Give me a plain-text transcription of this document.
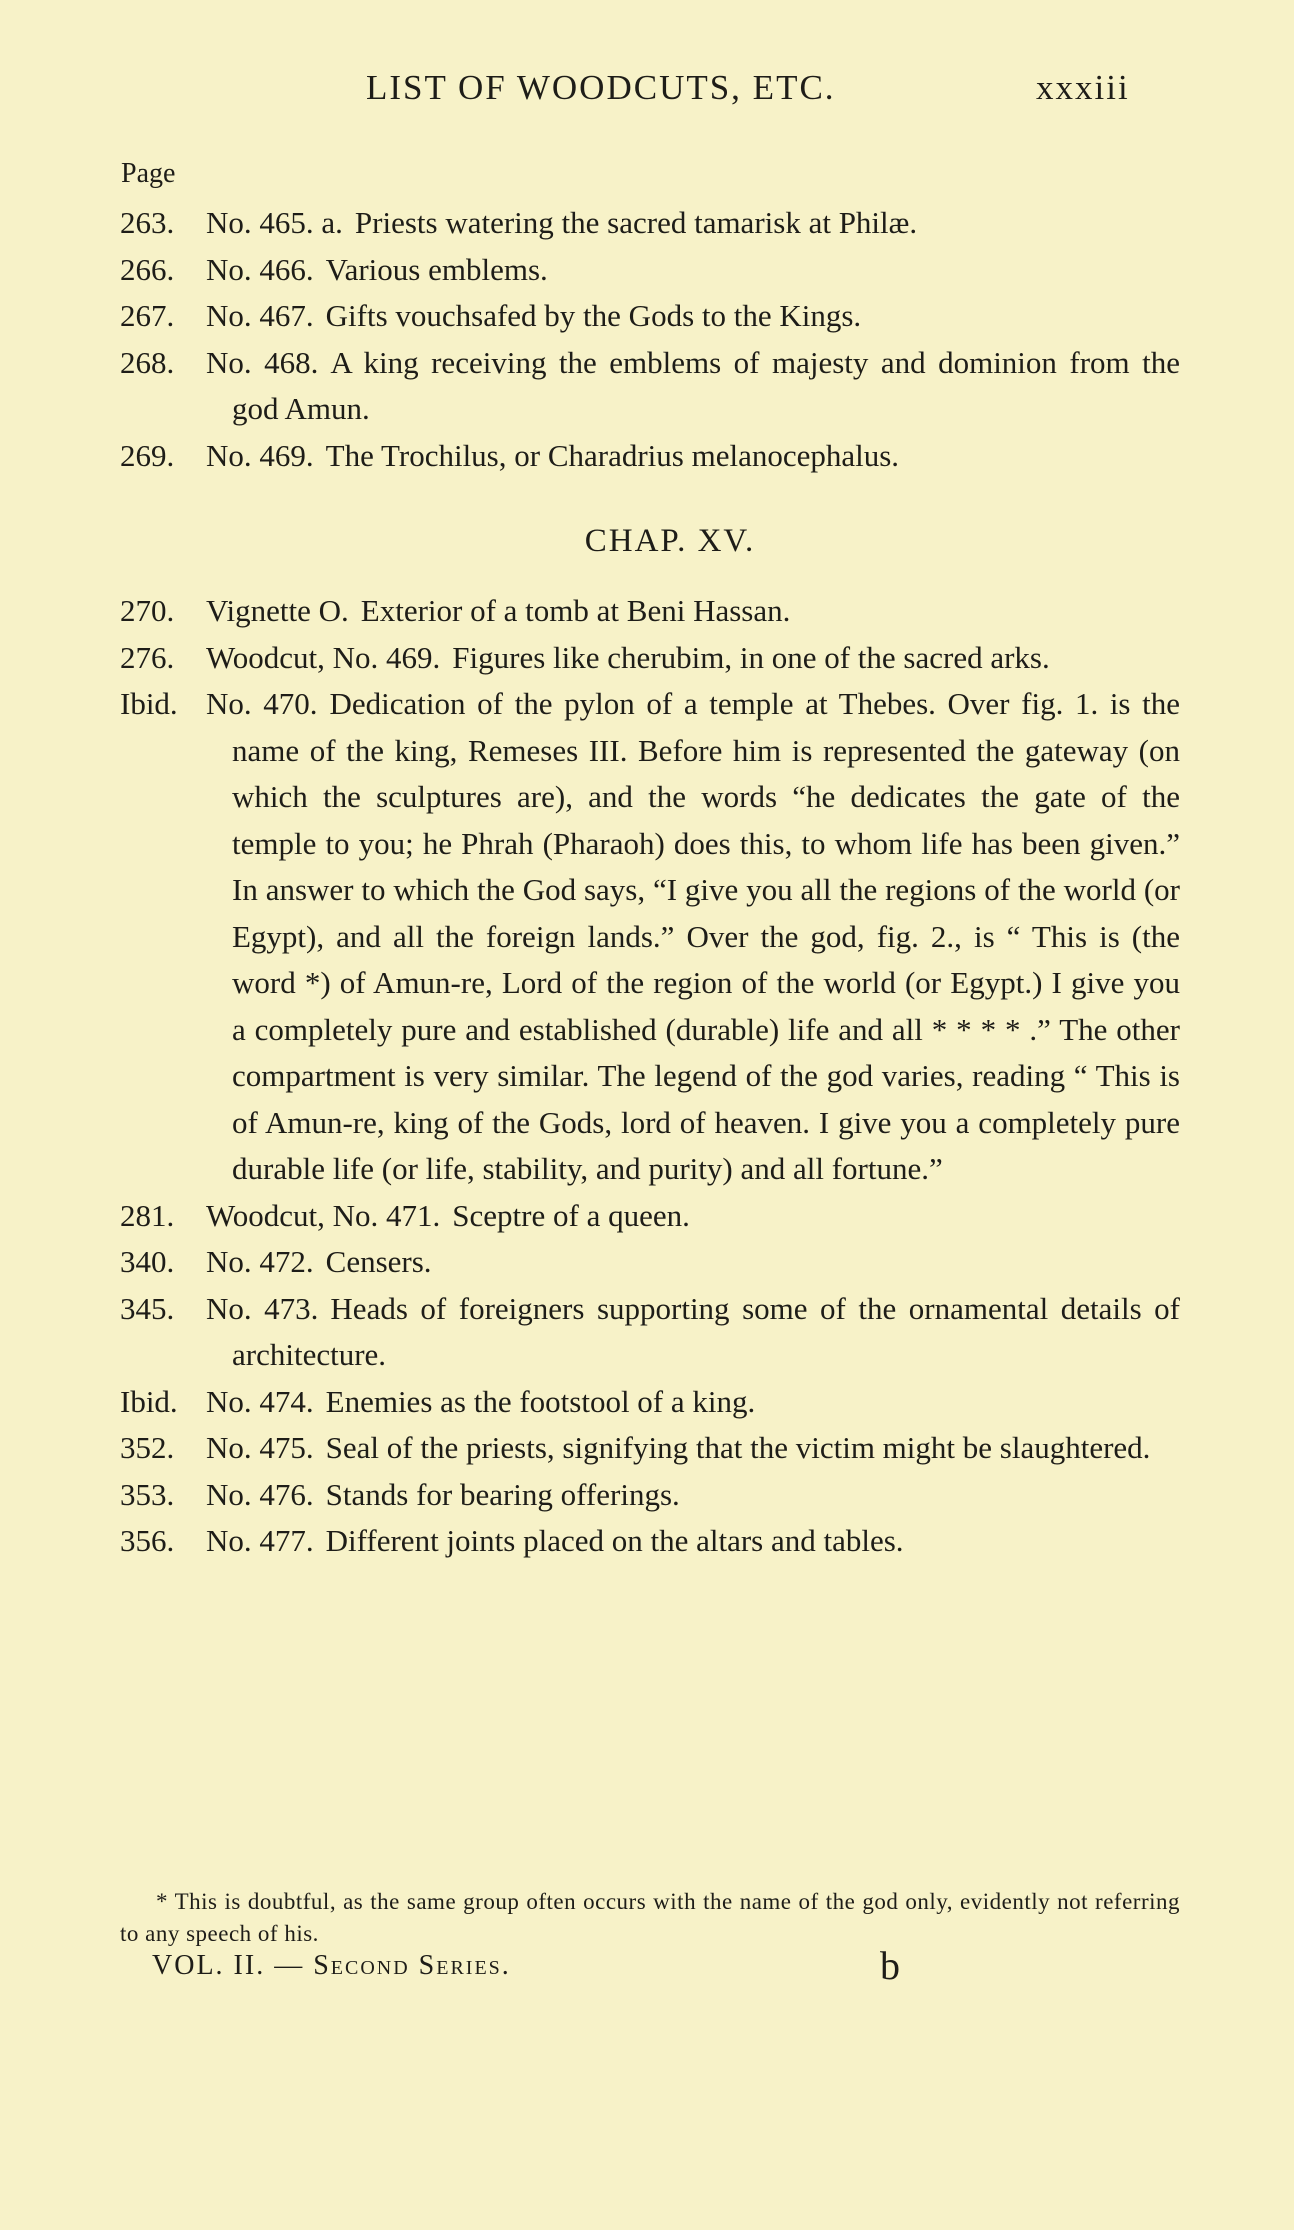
LIST OF WOODCUTS, ETC.	xxxiii
Page
263. No. 465. a. Priests watering the sacred tamarisk at Philæ.
266. No. 466. Various emblems.
267. No. 467. Gifts vouchsafed by the Gods to the Kings.
268. No. 468. A king receiving the emblems of majesty and dominion from the god Amun.
269. No. 469. The Trochilus, or Charadrius melanocephalus.
CHAP. XV.
270. Vignette O. Exterior of a tomb at Beni Hassan.
276. Woodcut, No. 469. Figures like cherubim, in one of the sacred arks.
Ibid. No. 470. Dedication of the pylon of a temple at Thebes. Over fig. 1. is the name of the king, Remeses III. Before him is represented the gateway (on which the sculptures are), and the words “he dedicates the gate of the temple to you; he Phrah (Pharaoh) does this, to whom life has been given.” In answer to which the God says, “I give you all the regions of the world (or Egypt), and all the foreign lands.” Over the god, fig. 2., is “ This is (the word *) of Amun-re, Lord of the region of the world (or Egypt.) I give you a completely pure and established (durable) life and all * * * * .” The other compartment is very similar. The legend of the god varies, reading “ This is of Amun-re, king of the Gods, lord of heaven. I give you a completely pure durable life (or life, stability, and purity) and all fortune.”
281. Woodcut, No. 471. Sceptre of a queen.
340. No. 472. Censers.
345. No. 473. Heads of foreigners supporting some of the ornamental details of architecture.
Ibid. No. 474. Enemies as the footstool of a king.
352. No. 475. Seal of the priests, signifying that the victim might be slaughtered.
353. No. 476. Stands for bearing offerings.
356. No. 477. Different joints placed on the altars and tables.
* This is doubtful, as the same group often occurs with the name of the god only, evidently not referring to any speech of his.
VOL. II. — Second Series.	b
